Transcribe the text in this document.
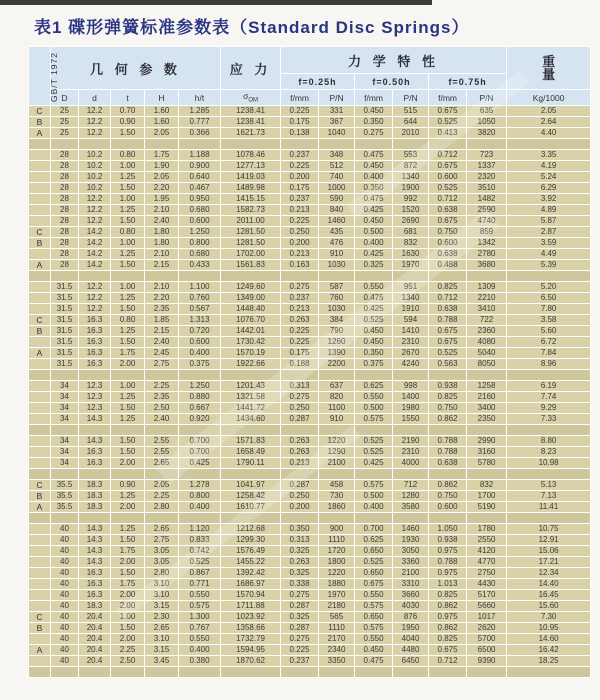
表1 碟形弹簧标准参数表（Standard Disc Springs）
GB/T 1972	几 何 参 数					应 力	力 学 特 性						重
量
							f=0.25h		f=0.50h		f=0.75h		
	D	d	t	H	h/t	$\sigma_{OM}$	f/mm	P/N	f/mm	P/N	f/mm	P/N	Kg/1000
C	25	12.2	0.70	1.60	1.285	1238.41	0.225	331	0.450	515	0.675	635	2.05
B	25	12.2	0.90	1.60	0.777	1238.41	0.175	367	0.350	644	0.525	1050	2.64
A	25	12.2	1.50	2.05	0.366	1621.73	0.138	1040	0.275	2010	0.413	3820	4.40

	28	10.2	0.80	1.75	1.188	1078.46	0.237	348	0.475	553	0.712	723	3.35
	28	10.2	1.00	1.90	0.900	1277.13	0.225	512	0.450	872	0.675	1337	4.19
	28	10.2	1.25	2.05	0.640	1419.03	0.200	740	0.400	1340	0.600	2320	5.24
	28	10.2	1.50	2.20	0.467	1489.98	0.175	1000	0.350	1900	0.525	3510	6.29
	28	12.2	1.00	1.95	0.950	1415.15	0.237	590	0.475	992	0.712	1482	3.92
	28	12.2	1.25	2.10	0.680	1582.73	0.213	840	0.425	1520	0.638	2590	4.89
	28	12.2	1.50	2.40	0.600	2011.00	0.225	1460	0.450	2690	0.675	4740	5.87
C	28	14.2	0.80	1.80	1.250	1281.50	0.250	435	0.500	681	0.750	859	2.87
B	28	14.2	1.00	1.80	0.800	1281.50	0.200	476	0.400	832	0.600	1342	3.59
	28	14.2	1.25	2.10	0.680	1702.00	0.213	910	0.425	1630	0.638	2780	4.49
A	28	14.2	1.50	2.15	0.433	1561.83	0.163	1030	0.325	1970	0.488	3680	5.39

	31.5	12.2	1.00	2.10	1.100	1249.60	0.275	587	0.550	951	0.825	1309	5.20
	31.5	12.2	1.25	2.20	0.760	1349.00	0.237	760	0.475	1340	0.712	2210	6.50
	31.5	12.2	1.50	2.35	0.567	1448.40	0.213	1030	0.425	1910	0.638	3410	7.80
C	31.5	16.3	0.80	1.85	1.313	1076.70	0.263	384	0.525	594	0.788	722	3.58
B	31.5	16.3	1.25	2.15	0.720	1442.01	0.225	790	0.450	1410	0.675	2360	5.60
	31.5	16.3	1.50	2.40	0.600	1730.42	0.225	1260	0.450	2310	0.675	4080	6.72
A	31.5	16.3	1.75	2.45	0.400	1570.19	0.175	1390	0.350	2670	0.525	5040	7.84
	31.5	16.3	2.00	2.75	0.375	1922.66	0.188	2200	0.375	4240	0.563	8050	8.96

	34	12.3	1.00	2.25	1.250	1201.43	0.313	637	0.625	998	0.938	1258	6.19
	34	12.3	1.25	2.35	0.880	1321.58	0.275	820	0.550	1400	0.825	2160	7.74
	34	12.3	1.50	2.50	0.667	1441.72	0.250	1100	0.500	1980	0.750	3400	9.29
	34	14.3	1.25	2.40	0.920	1434.60	0.287	910	0.575	1550	0.862	2350	7.33

	34	14.3	1.50	2.55	0.700	1571.83	0.263	1220	0.525	2190	0.788	2990	8.80
	34	16.3	1.50	2.55	0.700	1658.49	0.263	1290	0.525	2310	0.788	3160	8.23
	34	16.3	2.00	2.65	0.425	1790.11	0.213	2100	0.425	4000	0.638	5780	10.98

C	35.5	18.3	0.90	2.05	1.278	1041.97	0.287	458	0.575	712	0.862	832	5.13
B	35.5	18.3	1.25	2.25	0.800	1258.42	0.250	730	0.500	1280	0.750	1700	7.13
A	35.5	18.3	2.00	2.80	0.400	1610.77	0.200	1860	0.400	3580	0.600	5190	11.41

	40	14.3	1.25	2.65	1.120	1212.68	0.350	900	0.700	1460	1.050	1780	10.75
	40	14.3	1.50	2.75	0.833	1299.30	0.313	1110	0.625	1930	0.938	2550	12.91
	40	14.3	1.75	3.05	0.742	1576.49	0.325	1720	0.650	3050	0.975	4120	15.06
	40	14.3	2.00	3.05	0.525	1455.22	0.263	1800	0.525	3360	0.788	4770	17.21
	40	16.3	1.50	2.80	0.867	1392.42	0.325	1220	0.650	2100	0.975	2750	12.34
	40	16.3	1.75	3.10	0.771	1686.97	0.338	1880	0.675	3310	1.013	4430	14.40
	40	16.3	2.00	3.10	0.550	1570.94	0.275	1970	0.550	3660	0.825	5170	16.45
	40	18.3	2.00	3.15	0.575	1711.88	0.287	2180	0.575	4030	0.862	5660	15.60
C	40	20.4	1.00	2.30	1.300	1023.92	0.325	565	0.650	876	0.975	1017	7.30
B	40	20.4	1.50	2.65	0.767	1358.66	0.287	1110	0.575	1950	0.862	2620	10.95
	40	20.4	2.00	3.10	0.550	1732.79	0.275	2170	0.550	4040	0.825	5700	14.60
A	40	20.4	2.25	3.15	0.400	1594.95	0.225	2340	0.450	4480	0.675	6500	16.42
	40	20.4	2.50	3.45	0.380	1870.62	0.237	3350	0.475	6450	0.712	9390	18.25
